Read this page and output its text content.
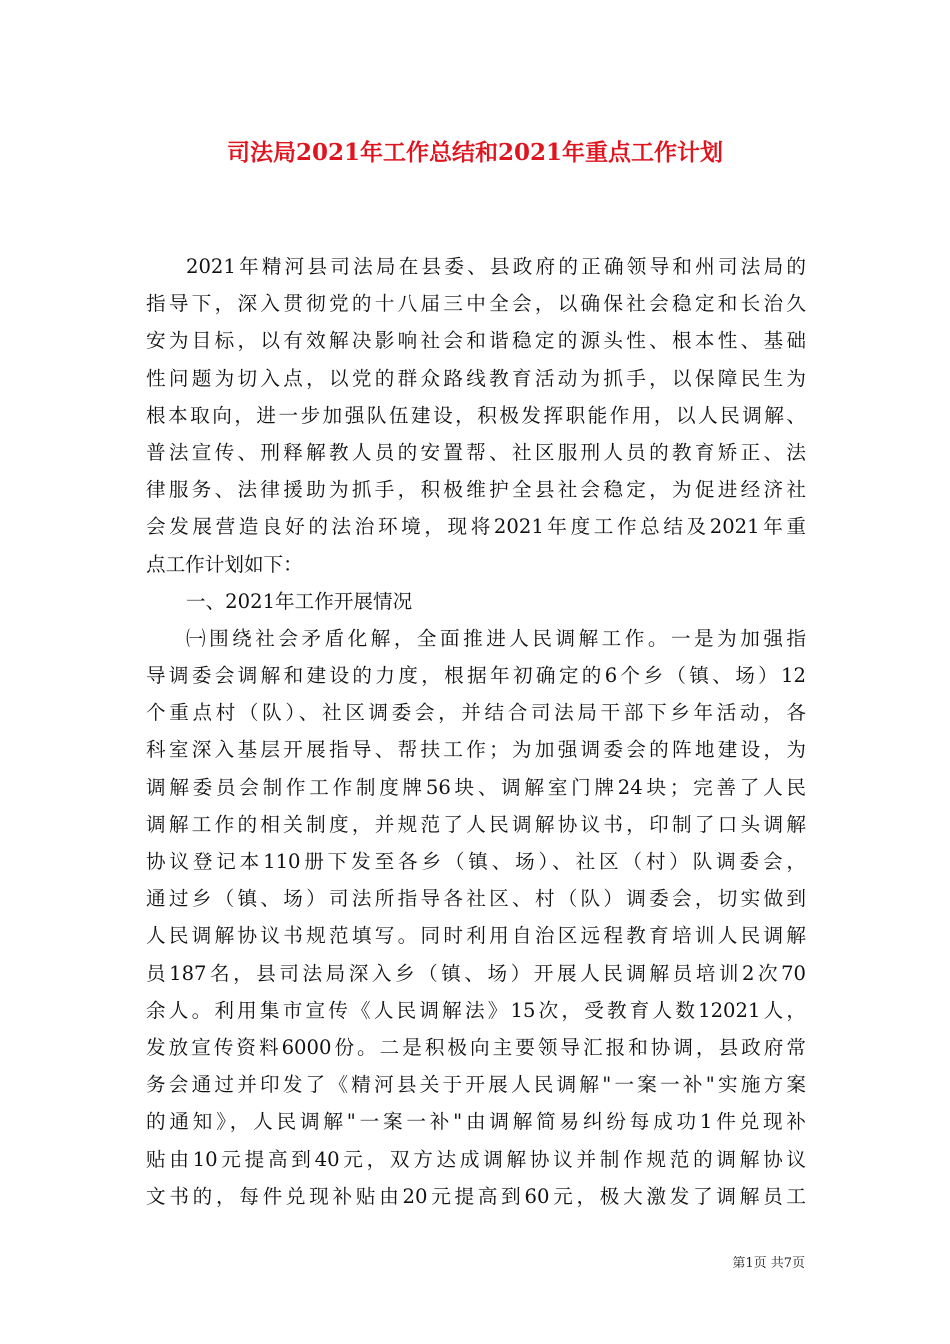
司法局2021年工作总结和2021年重点工作计划
2021年精河县司法局在县委、县政府的正确领导和州司法局的
指导下，深入贯彻党的十八届三中全会，以确保社会稳定和长治久
安为目标，以有效解决影响社会和谐稳定的源头性、根本性、基础
性问题为切入点，以党的群众路线教育活动为抓手，以保障民生为
根本取向，进一步加强队伍建设，积极发挥职能作用，以人民调解、
普法宣传、刑释解教人员的安置帮、社区服刑人员的教育矫正、法
律服务、法律援助为抓手，积极维护全县社会稳定，为促进经济社
会发展营造良好的法治环境，现将2021年度工作总结及2021年重
点工作计划如下：
一、2021年工作开展情况
㈠围绕社会矛盾化解，全面推进人民调解工作。一是为加强指
导调委会调解和建设的力度，根据年初确定的6个乡（镇、场）12
个重点村（队）、社区调委会，并结合司法局干部下乡年活动，各
科室深入基层开展指导、帮扶工作；为加强调委会的阵地建设，为
调解委员会制作工作制度牌56块、调解室门牌24块；完善了人民
调解工作的相关制度，并规范了人民调解协议书，印制了口头调解
协议登记本110册下发至各乡（镇、场）、社区（村）队调委会，
通过乡（镇、场）司法所指导各社区、村（队）调委会，切实做到
人民调解协议书规范填写。同时利用自治区远程教育培训人民调解
员187名，县司法局深入乡（镇、场）开展人民调解员培训2次70
余人。利用集市宣传《人民调解法》15次，受教育人数12021人，
发放宣传资料6000份。二是积极向主要领导汇报和协调，县政府常
务会通过并印发了《精河县关于开展人民调解"一案一补"实施方案
的通知》，人民调解"一案一补"由调解简易纠纷每成功1件兑现补
贴由10元提高到40元，双方达成调解协议并制作规范的调解协议
文书的，每件兑现补贴由20元提高到60元，极大激发了调解员工
第1页 共7页
